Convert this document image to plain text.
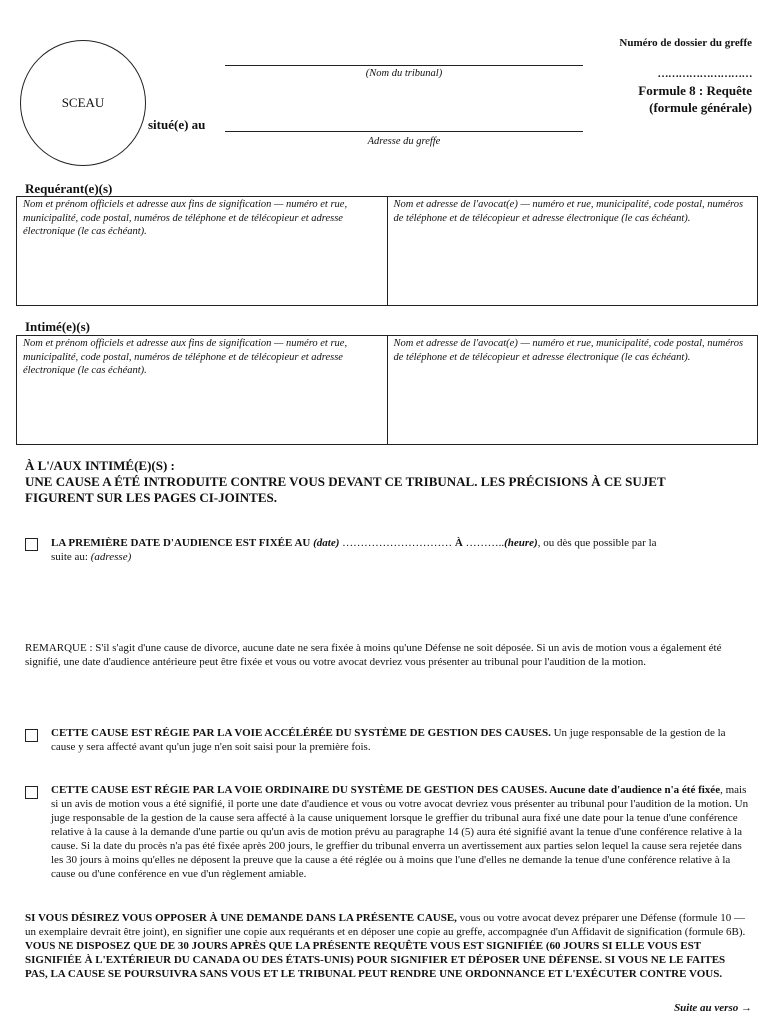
SCEAU
(Nom du tribunal)
situé(e) au
Adresse du greffe
Numéro de dossier du greffe
………………………
Formule 8 : Requête
(formule générale)
Requérant(e)(s)
Nom et prénom officiels et adresse aux fins de signification — numéro et rue, municipalité, code postal, numéros de téléphone et de télécopieur et adresse électronique (le cas échéant).
Nom et adresse de l'avocat(e) — numéro et rue, municipalité, code postal, numéros de téléphone et de télécopieur et adresse électronique (le cas échéant).
Intimé(e)(s)
Nom et prénom officiels et adresse aux fins de signification — numéro et rue, municipalité, code postal, numéros de téléphone et de télécopieur et adresse électronique (le cas échéant).
Nom et adresse de l'avocat(e) — numéro et rue, municipalité, code postal, numéros de téléphone et de télécopieur et adresse électronique (le cas échéant).
À L'/AUX INTIMÉ(E)(S) :
UNE CAUSE A ÉTÉ INTRODUITE CONTRE VOUS DEVANT CE TRIBUNAL. LES PRÉCISIONS À CE SUJET
FIGURENT SUR LES PAGES CI-JOINTES.
LA PREMIÈRE DATE D'AUDIENCE EST FIXÉE AU (date) ………………………… À ………..(heure), ou dès que possible par la
suite au: (adresse)
REMARQUE : S'il s'agit d'une cause de divorce, aucune date ne sera fixée à moins qu'une Défense ne soit déposée. Si un avis de motion vous a également été signifié, une date d'audience antérieure peut être fixée et vous ou votre avocat devriez vous présenter au tribunal pour l'audition de la motion.
CETTE CAUSE EST RÉGIE PAR LA VOIE ACCÉLÉRÉE DU SYSTÈME DE GESTION DES CAUSES. Un juge responsable de la gestion de la cause y sera affecté avant qu'un juge n'en soit saisi pour la première fois.
CETTE CAUSE EST RÉGIE PAR LA VOIE ORDINAIRE DU SYSTÈME DE GESTION DES CAUSES. Aucune date d'audience n'a été fixée, mais si un avis de motion vous a été signifié, il porte une date d'audience et vous ou votre avocat devriez vous présenter au tribunal pour l'audition de la motion. Un juge responsable de la gestion de la cause sera affecté à la cause uniquement lorsque le greffier du tribunal aura fixé une date pour la tenue d'une conférence relative à la cause à la demande d'une partie ou qu'un avis de motion prévu au paragraphe 14 (5) aura été signifié avant la tenue d'une conférence relative à la cause. Si la date du procès n'a pas été fixée après 200 jours, le greffier du tribunal enverra un avertissement aux parties selon lequel la cause sera rejetée dans les 30 jours à moins qu'elles ne déposent la preuve que la cause a été réglée ou à moins que l'une d'elles ne demande la tenue d'une conférence relative à la cause ou d'une conférence en vue d'un règlement amiable.
SI VOUS DÉSIREZ VOUS OPPOSER À UNE DEMANDE DANS LA PRÉSENTE CAUSE, vous ou votre avocat devez préparer une Défense (formule 10 — un exemplaire devrait être joint), en signifier une copie aux requérants et en déposer une copie au greffe, accompagnée d'un Affidavit de signification (formule 6B). VOUS NE DISPOSEZ QUE DE 30 JOURS APRÈS QUE LA PRÉSENTE REQUÊTE VOUS EST SIGNIFIÉE (60 JOURS SI ELLE VOUS EST SIGNIFIÉE À L'EXTÉRIEUR DU CANADA OU DES ÉTATS-UNIS) POUR SIGNIFIER ET DÉPOSER UNE DÉFENSE. SI VOUS NE LE FAITES PAS, LA CAUSE SE POURSUIVRA SANS VOUS ET LE TRIBUNAL PEUT RENDRE UNE ORDONNANCE ET L'EXÉCUTER CONTRE VOUS.
Suite au verso →
